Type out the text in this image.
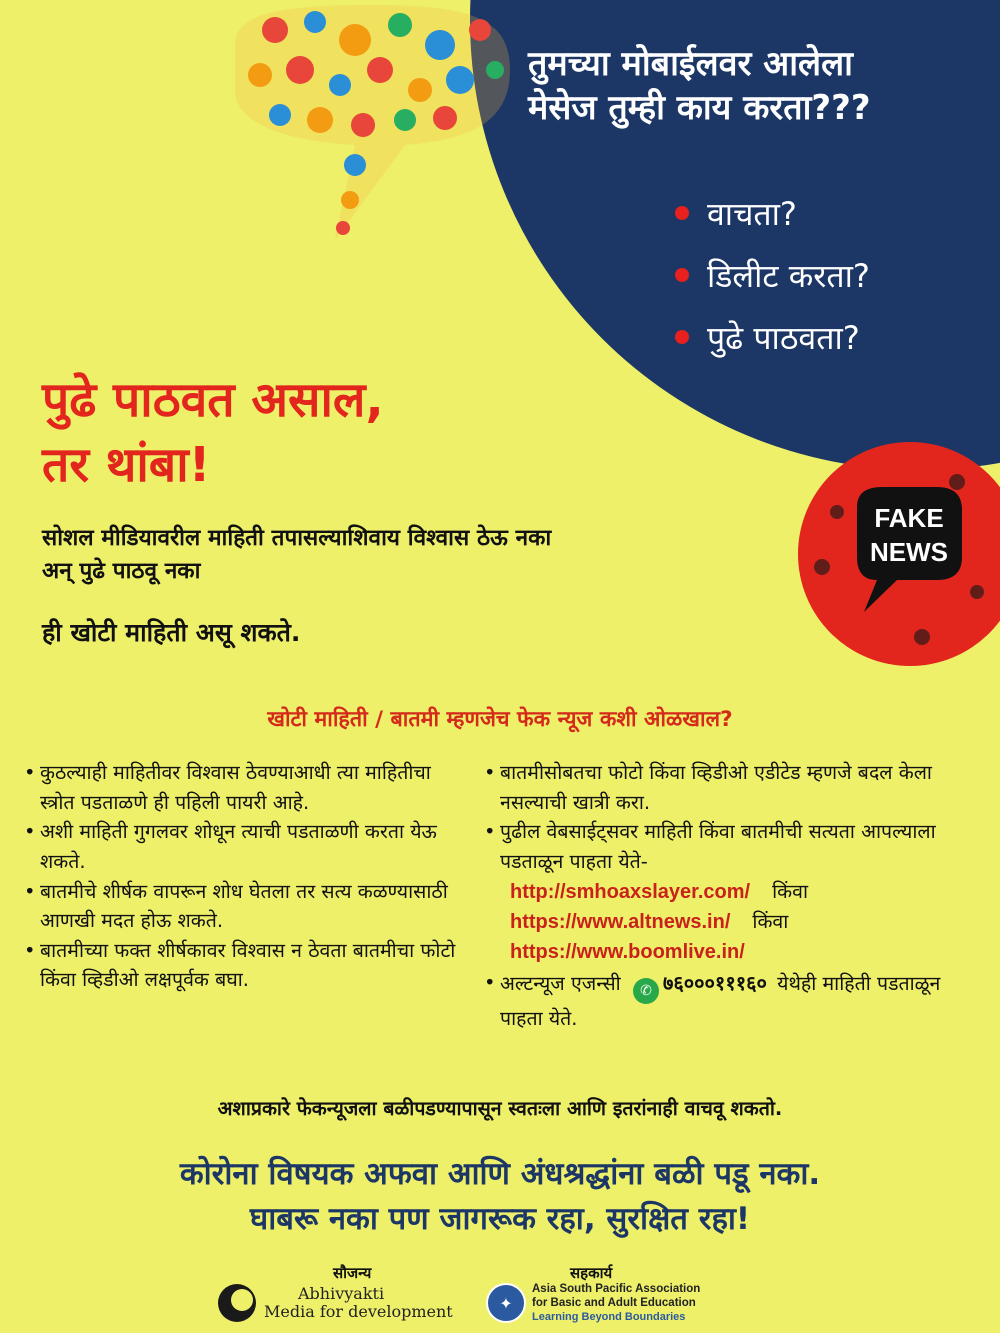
तुमच्या मोबाईलवर आलेला
मेसेज तुम्ही काय करता???
वाचता?
डिलीट करता?
पुढे पाठवता?
FAKE
NEWS
पुढे पाठवत असाल,
तर थांबा!
सोशल मीडियावरील माहिती तपासल्याशिवाय विश्वास ठेऊ नका
अन् पुढे पाठवू नका
ही खोटी माहिती असू शकते.
खोटी माहिती / बातमी म्हणजेच फेक न्यूज कशी ओळखाल?
• कुठल्याही माहितीवर विश्वास ठेवण्याआधी त्या माहितीचा स्त्रोत पडताळणे ही पहिली पायरी आहे.
• अशी माहिती गुगलवर शोधून त्याची पडताळणी करता येऊ शकते.
• बातमीचे शीर्षक वापरून शोध घेतला तर सत्य कळण्यासाठी आणखी मदत होऊ शकते.
• बातमीच्या फक्त शीर्षकावर विश्वास न ठेवता बातमीचा फोटो किंवा व्हिडीओ लक्षपूर्वक बघा.
• बातमीसोबतचा फोटो किंवा व्हिडीओ एडीटेड म्हणजे बदल केला नसल्याची खात्री करा.
• पुढील वेबसाईट्सवर माहिती किंवा बातमीची सत्यता आपल्याला पडताळून पाहता येते-
http://smhoaxslayer.com/ किंवा
https://www.altnews.in/ किंवा
https://www.boomlive.in/
• अल्टन्यूज एजन्सी ✆ ७६०००१११६० येथेही माहिती पडताळून पाहता येते.
अशाप्रकारे फेकन्यूजला बळीपडण्यापासून स्वतःला आणि इतरांनाही वाचवू शकतो.
कोरोना विषयक अफवा आणि अंधश्रद्धांना बळी पडू नका.
घाबरू नका पण जागरूक रहा, सुरक्षित रहा!
सौजन्य
Abhivyakti
Media for development
सहकार्य
✦
Asia South Pacific Association
for Basic and Adult Education
Learning Beyond Boundaries
